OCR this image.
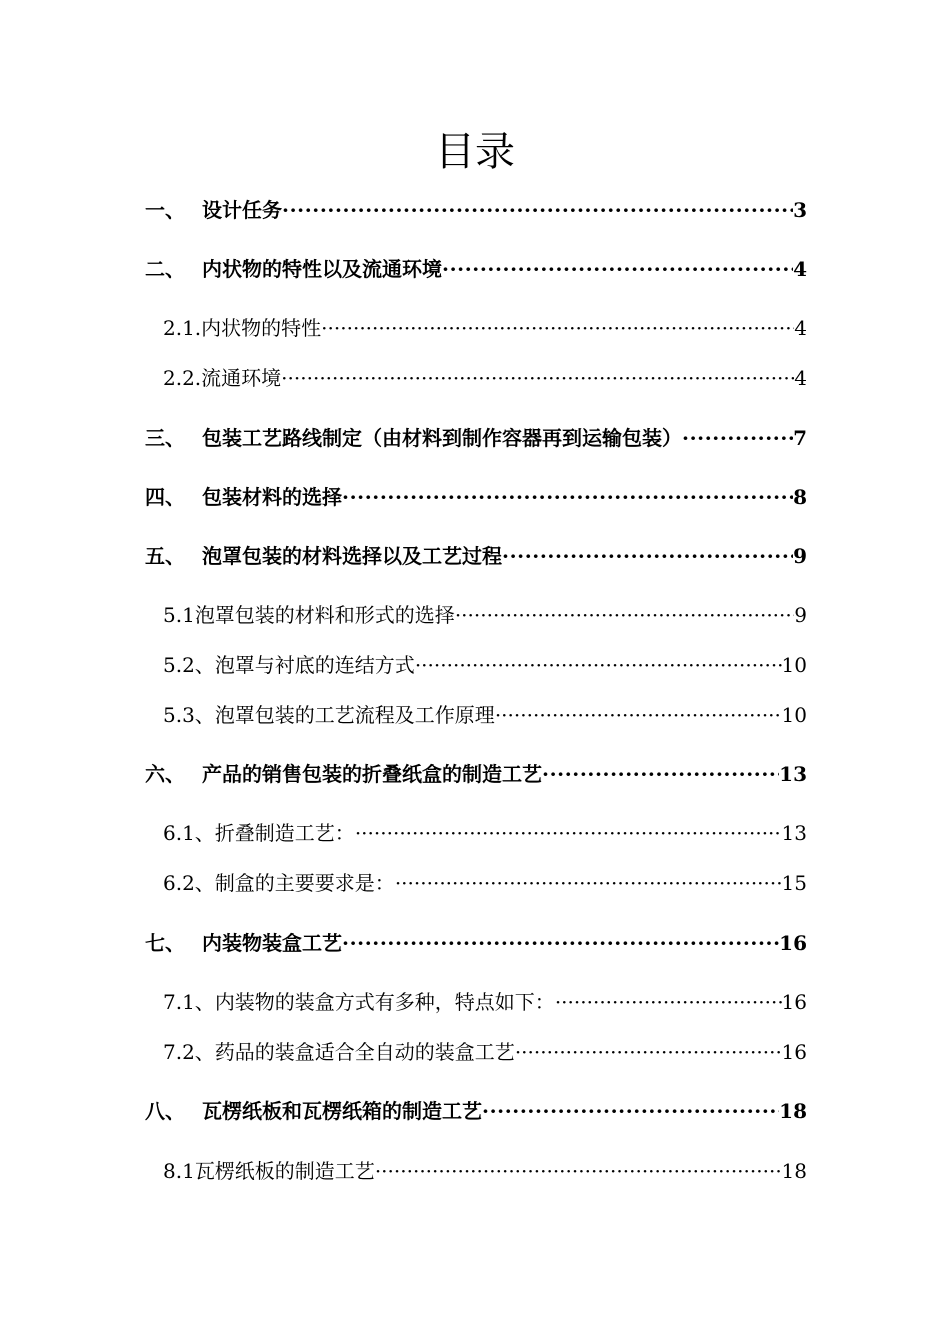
目录
一、 设计任务 ·····	3
二、 内状物的特性以及流通环境 ·····	4
2.1. 内状物的特性 ·····	4
2.2. 流通环境 ·····	4
三、 包装工艺路线制定（由材料到制作容器再到运输包装） ·····	7
四、 包装材料的选择 ·····	8
五、 泡罩包装的材料选择以及工艺过程 ·····	9
5.1 泡罩包装的材料和形式的选择 ·····	9
5.2、 泡罩与衬底的连结方式 ·····	10
5.3、 泡罩包装的工艺流程及工作原理 ·····	10
六、 产品的销售包装的折叠纸盒的制造工艺 ·····	13
6.1、 折叠制造工艺： ·····	13
6.2、 制盒的主要要求是： ·····	15
七、 内装物装盒工艺 ·····	16
7.1、 内装物的装盒方式有多种，特点如下： ·····	16
7.2、 药品的装盒适合全自动的装盒工艺 ·····	16
八、 瓦楞纸板和瓦楞纸箱的制造工艺 ·····	18
8.1 瓦楞纸板的制造工艺 ·····	18
